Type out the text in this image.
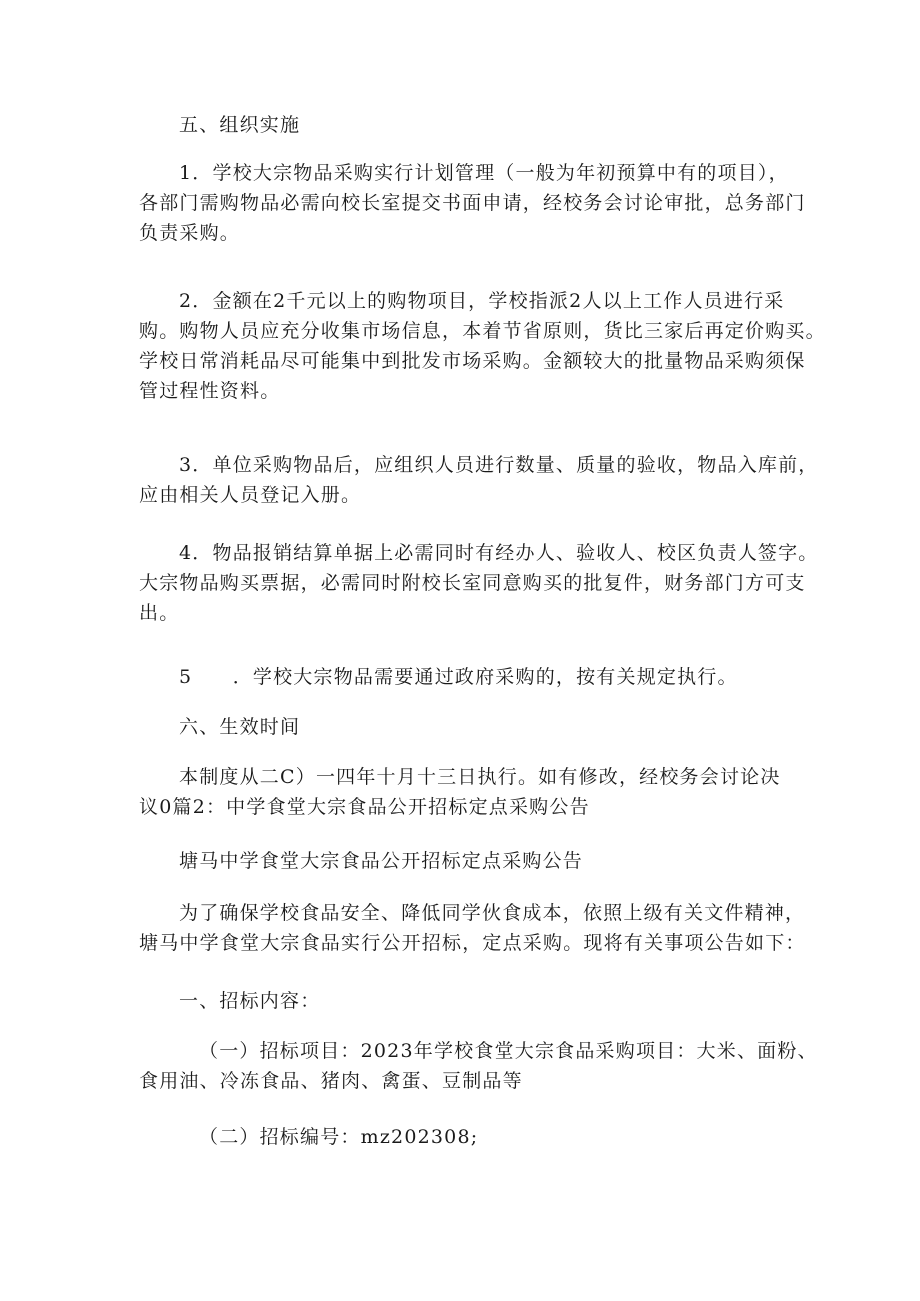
五、组织实施

1．学校大宗物品采购实行计划管理（一般为年初预算中有的项目），
各部门需购物品必需向校长室提交书面申请，经校务会讨论审批，总务部门
负责采购。

2．金额在2千元以上的购物项目，学校指派2人以上工作人员进行采
购。购物人员应充分收集市场信息，本着节省原则，货比三家后再定价购买。
学校日常消耗品尽可能集中到批发市场采购。金额较大的批量物品采购须保
管过程性资料。

3．单位采购物品后，应组织人员进行数量、质量的验收，物品入库前，
应由相关人员登记入册。

4．物品报销结算单据上必需同时有经办人、验收人、校区负责人签字。
大宗物品购买票据，必需同时附校长室同意购买的批复件，财务部门方可支
出。

5　　．学校大宗物品需要通过政府采购的，按有关规定执行。

六、生效时间

本制度从二C）一四年十月十三日执行。如有修改，经校务会讨论决
议0篇2：中学食堂大宗食品公开招标定点采购公告

塘马中学食堂大宗食品公开招标定点采购公告

为了确保学校食品安全、降低同学伙食成本，依照上级有关文件精神，
塘马中学食堂大宗食品实行公开招标，定点采购。现将有关事项公告如下：

一、招标内容：

（一）招标项目：2023年学校食堂大宗食品采购项目：大米、面粉、
食用油、冷冻食品、猪肉、禽蛋、豆制品等

（二）招标编号：mz202308;
